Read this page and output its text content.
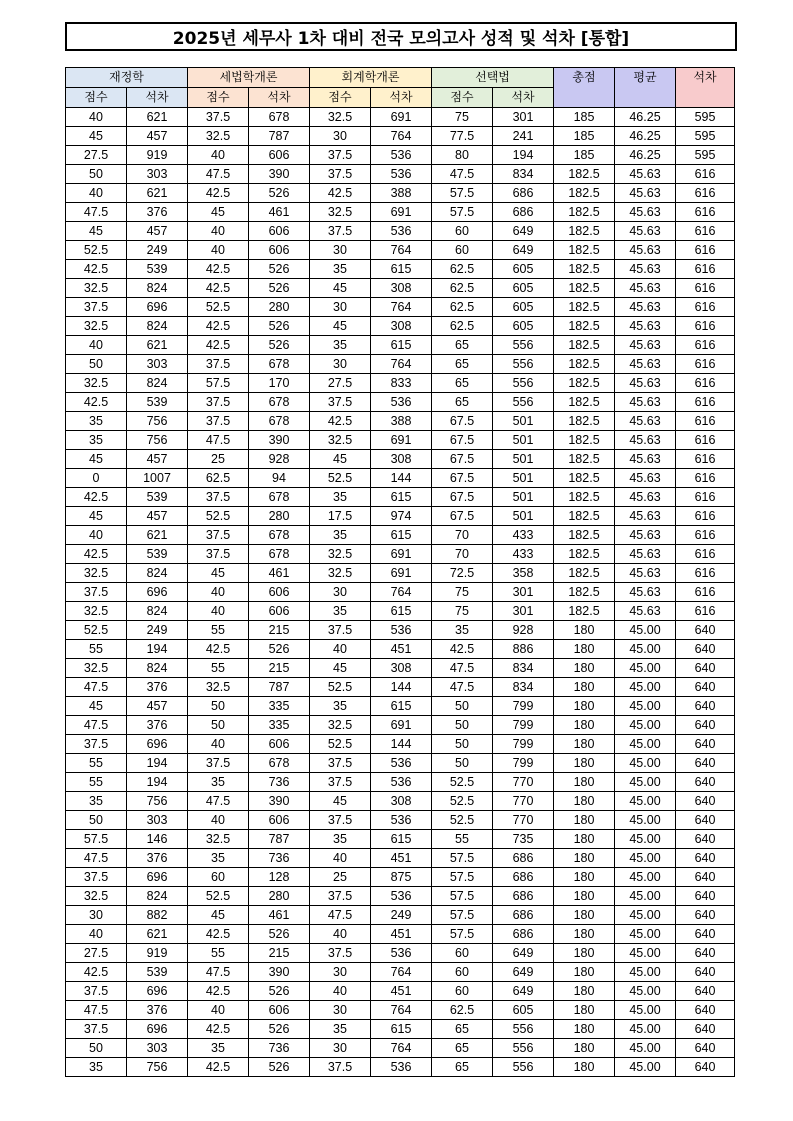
2025년 세무사 1차 대비 전국 모의고사 성적 및 석차 [통합]
재정학		세법학개론		회계학개론		선택법		총점	평균	석차
점수	석차	점수	석차	점수	석차	점수	석차			
40	621	37.5	678	32.5	691	75	301	185	46.25	595
45	457	32.5	787	30	764	77.5	241	185	46.25	595
27.5	919	40	606	37.5	536	80	194	185	46.25	595
50	303	47.5	390	37.5	536	47.5	834	182.5	45.63	616
40	621	42.5	526	42.5	388	57.5	686	182.5	45.63	616
47.5	376	45	461	32.5	691	57.5	686	182.5	45.63	616
45	457	40	606	37.5	536	60	649	182.5	45.63	616
52.5	249	40	606	30	764	60	649	182.5	45.63	616
42.5	539	42.5	526	35	615	62.5	605	182.5	45.63	616
32.5	824	42.5	526	45	308	62.5	605	182.5	45.63	616
37.5	696	52.5	280	30	764	62.5	605	182.5	45.63	616
32.5	824	42.5	526	45	308	62.5	605	182.5	45.63	616
40	621	42.5	526	35	615	65	556	182.5	45.63	616
50	303	37.5	678	30	764	65	556	182.5	45.63	616
32.5	824	57.5	170	27.5	833	65	556	182.5	45.63	616
42.5	539	37.5	678	37.5	536	65	556	182.5	45.63	616
35	756	37.5	678	42.5	388	67.5	501	182.5	45.63	616
35	756	47.5	390	32.5	691	67.5	501	182.5	45.63	616
45	457	25	928	45	308	67.5	501	182.5	45.63	616
0	1007	62.5	94	52.5	144	67.5	501	182.5	45.63	616
42.5	539	37.5	678	35	615	67.5	501	182.5	45.63	616
45	457	52.5	280	17.5	974	67.5	501	182.5	45.63	616
40	621	37.5	678	35	615	70	433	182.5	45.63	616
42.5	539	37.5	678	32.5	691	70	433	182.5	45.63	616
32.5	824	45	461	32.5	691	72.5	358	182.5	45.63	616
37.5	696	40	606	30	764	75	301	182.5	45.63	616
32.5	824	40	606	35	615	75	301	182.5	45.63	616
52.5	249	55	215	37.5	536	35	928	180	45.00	640
55	194	42.5	526	40	451	42.5	886	180	45.00	640
32.5	824	55	215	45	308	47.5	834	180	45.00	640
47.5	376	32.5	787	52.5	144	47.5	834	180	45.00	640
45	457	50	335	35	615	50	799	180	45.00	640
47.5	376	50	335	32.5	691	50	799	180	45.00	640
37.5	696	40	606	52.5	144	50	799	180	45.00	640
55	194	37.5	678	37.5	536	50	799	180	45.00	640
55	194	35	736	37.5	536	52.5	770	180	45.00	640
35	756	47.5	390	45	308	52.5	770	180	45.00	640
50	303	40	606	37.5	536	52.5	770	180	45.00	640
57.5	146	32.5	787	35	615	55	735	180	45.00	640
47.5	376	35	736	40	451	57.5	686	180	45.00	640
37.5	696	60	128	25	875	57.5	686	180	45.00	640
32.5	824	52.5	280	37.5	536	57.5	686	180	45.00	640
30	882	45	461	47.5	249	57.5	686	180	45.00	640
40	621	42.5	526	40	451	57.5	686	180	45.00	640
27.5	919	55	215	37.5	536	60	649	180	45.00	640
42.5	539	47.5	390	30	764	60	649	180	45.00	640
37.5	696	42.5	526	40	451	60	649	180	45.00	640
47.5	376	40	606	30	764	62.5	605	180	45.00	640
37.5	696	42.5	526	35	615	65	556	180	45.00	640
50	303	35	736	30	764	65	556	180	45.00	640
35	756	42.5	526	37.5	536	65	556	180	45.00	640
